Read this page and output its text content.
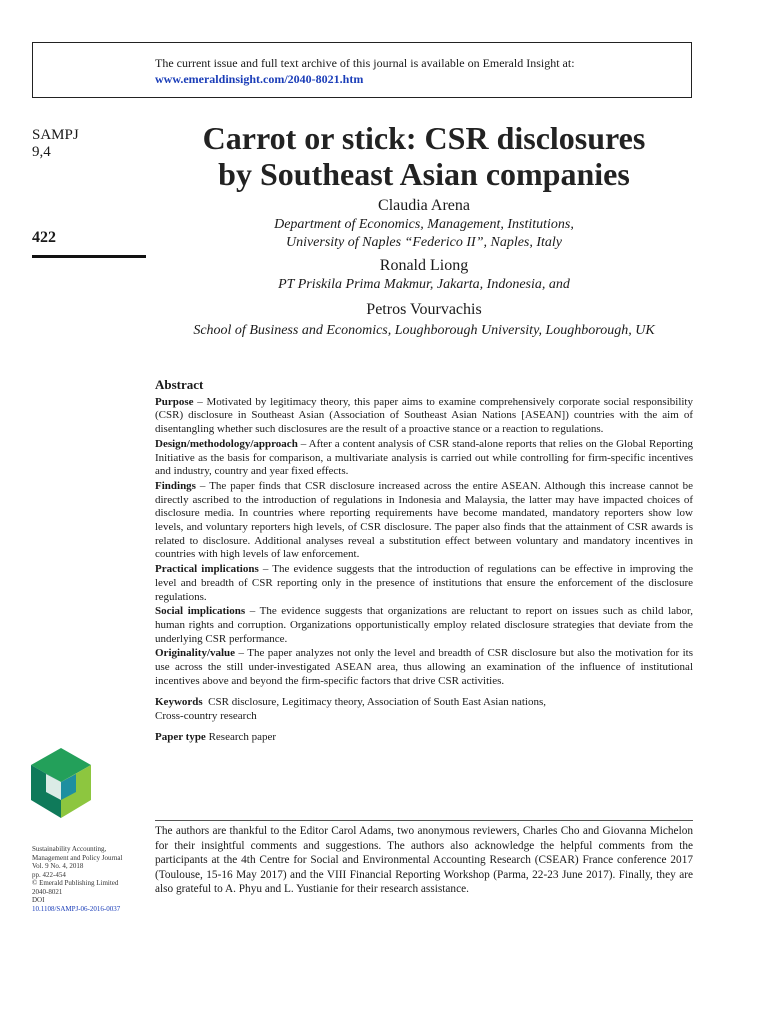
The current issue and full text archive of this journal is available on Emerald Insight at:
www.emeraldinsight.com/2040-8021.htm
SAMPJ
9,4
422
Carrot or stick: CSR disclosures
by Southeast Asian companies
Claudia Arena
Department of Economics, Management, Institutions,
University of Naples “Federico II”, Naples, Italy
Ronald Liong
PT Priskila Prima Makmur, Jakarta, Indonesia, and
Petros Vourvachis
School of Business and Economics, Loughborough University, Loughborough, UK
Abstract

Purpose – Motivated by legitimacy theory, this paper aims to examine comprehensively corporate social responsibility (CSR) disclosure in Southeast Asian (Association of Southeast Asian Nations [ASEAN]) countries with the aim of disentangling whether such disclosures are the result of a proactive stance or a reaction to regulations.

Design/methodology/approach – After a content analysis of CSR stand-alone reports that relies on the Global Reporting Initiative as the basis for comparison, a multivariate analysis is carried out while controlling for firm-specific incentives and industry, country and year fixed effects.

Findings – The paper finds that CSR disclosure increased across the entire ASEAN. Although this increase cannot be directly ascribed to the introduction of regulations in Indonesia and Malaysia, the latter may have impacted choices of disclosure media. In countries where reporting requirements have become mandated, mandatory reporters show low levels, and voluntary reporters high levels, of CSR disclosure. The paper also finds that the attainment of CSR awards is related to disclosure. Additional analyses reveal a substitution effect between voluntary and mandatory incentives in countries with high levels of law enforcement.

Practical implications – The evidence suggests that the introduction of regulations can be effective in improving the level and breadth of CSR reporting only in the presence of institutions that ensure the enforcement of the disclosure regulations.

Social implications – The evidence suggests that organizations are reluctant to report on issues such as child labor, human rights and corruption. Organizations opportunistically employ related disclosure strategies that deviate from the underlying CSR performance.

Originality/value – The paper analyzes not only the level and breadth of CSR disclosure but also the motivation for its use across the still under-investigated ASEAN area, thus allowing an examination of the influence of institutional incentives above and beyond the firm-specific factors that drive CSR activities.

Keywords CSR disclosure, Legitimacy theory, Association of South East Asian nations,
Cross-country research
Paper type Research paper
Sustainability Accounting,
Management and Policy Journal
Vol. 9 No. 4, 2018
pp. 422-454
© Emerald Publishing Limited
2040-8021
DOI
10.1108/SAMPJ-06-2016-0037
The authors are thankful to the Editor Carol Adams, two anonymous reviewers, Charles Cho and Giovanna Michelon for their insightful comments and suggestions. The authors also acknowledge the helpful comments from the participants at the 4th Centre for Social and Environmental Accounting Research (CSEAR) France conference 2017 (Toulouse, 15-16 May 2017) and the VIII Financial Reporting Workshop (Parma, 22-23 June 2017). Finally, they are also grateful to A. Phyu and L. Yustianie for their research assistance.
